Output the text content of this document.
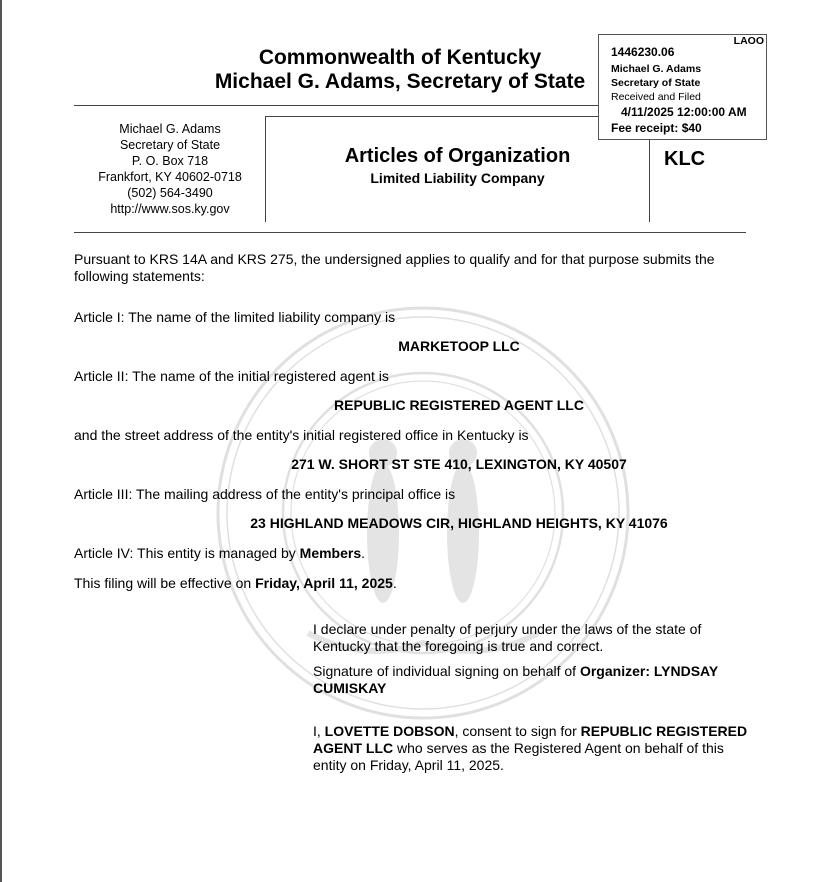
Commonwealth of Kentucky
Michael G. Adams, Secretary of State
LAOO
1446230.06
Michael G. Adams
Secretary of State
Received and Filed
4/11/2025 12:00:00 AM
Fee receipt: $40
Michael G. Adams
Secretary of State
P. O. Box 718
Frankfort, KY 40602-0718
(502) 564-3490
http://www.sos.ky.gov
Articles of Organization
Limited Liability Company
KLC
Pursuant to KRS 14A and KRS 275, the undersigned applies to qualify and for that purpose submits the following statements:
Article I: The name of the limited liability company is
MARKETOOP LLC
Article II: The name of the initial registered agent is
REPUBLIC REGISTERED AGENT LLC
and the street address of the entity's initial registered office in Kentucky is
271 W. SHORT ST STE 410, LEXINGTON, KY 40507
Article III: The mailing address of the entity's principal office is
23 HIGHLAND MEADOWS CIR, HIGHLAND HEIGHTS, KY 41076
Article IV: This entity is managed by Members.
This filing will be effective on Friday, April 11, 2025.
I declare under penalty of perjury under the laws of the state of Kentucky that the foregoing is true and correct.
Signature of individual signing on behalf of Organizer: LYNDSAY CUMISKAY
I, LOVETTE DOBSON, consent to sign for REPUBLIC REGISTERED AGENT LLC who serves as the Registered Agent on behalf of this entity on Friday, April 11, 2025.
